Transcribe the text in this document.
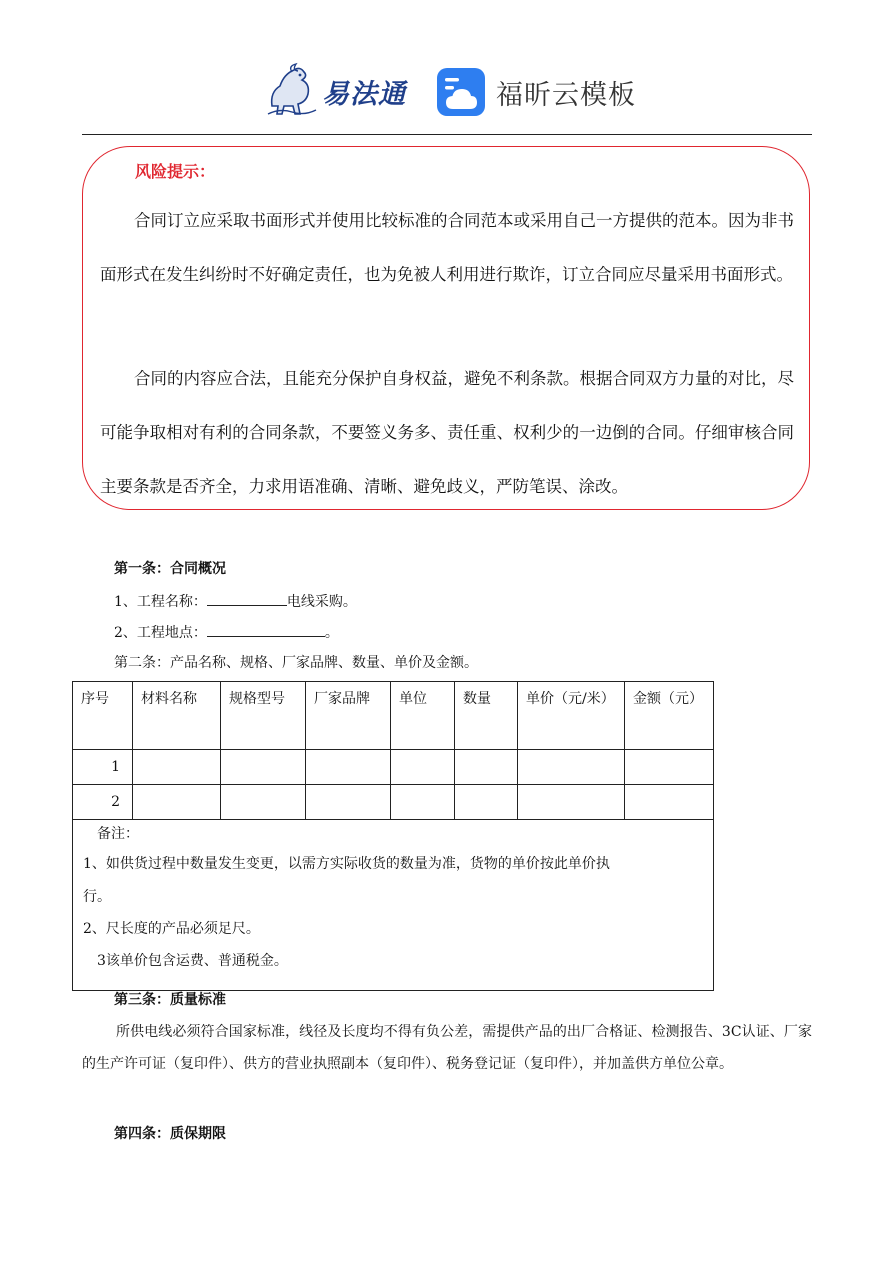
易法通	福昕云模板
风险提示：

合同订立应采取书面形式并使用比较标准的合同范本或采用自己一方提供的范本。因为非书面形式在发生纠纷时不好确定责任，也为免被人利用进行欺诈，订立合同应尽量采用书面形式。

合同的内容应合法，且能充分保护自身权益，避免不利条款。根据合同双方力量的对比，尽可能争取相对有利的合同条款，不要签义务多、责任重、权利少的一边倒的合同。仔细审核合同主要条款是否齐全，力求用语准确、清晰、避免歧义，严防笔误、涂改。

第一条：合同概况
1、工程名称：	电线采购。
2、工程地点：	。
第二条：产品名称、规格、厂家品牌、数量、单价及金额。
序号	材料名称	规格型号	厂家品牌	单位	数量	单价（元/米）	金额（元）
1							
2							

备注：
1、如供货过程中数量发生变更，以需方实际收货的数量为准，货物的单价按此单价执
行。
2、尺长度的产品必须足尺。
3该单价包含运费、普通税金。							
第三条：质量标准

所供电线必须符合国家标准，线径及长度均不得有负公差，需提供产品的出厂合格证、检测报告、3C认证、厂家的生产许可证（复印件）、供方的营业执照副本（复印件）、税务登记证（复印件），并加盖供方单位公章。

第四条：质保期限
